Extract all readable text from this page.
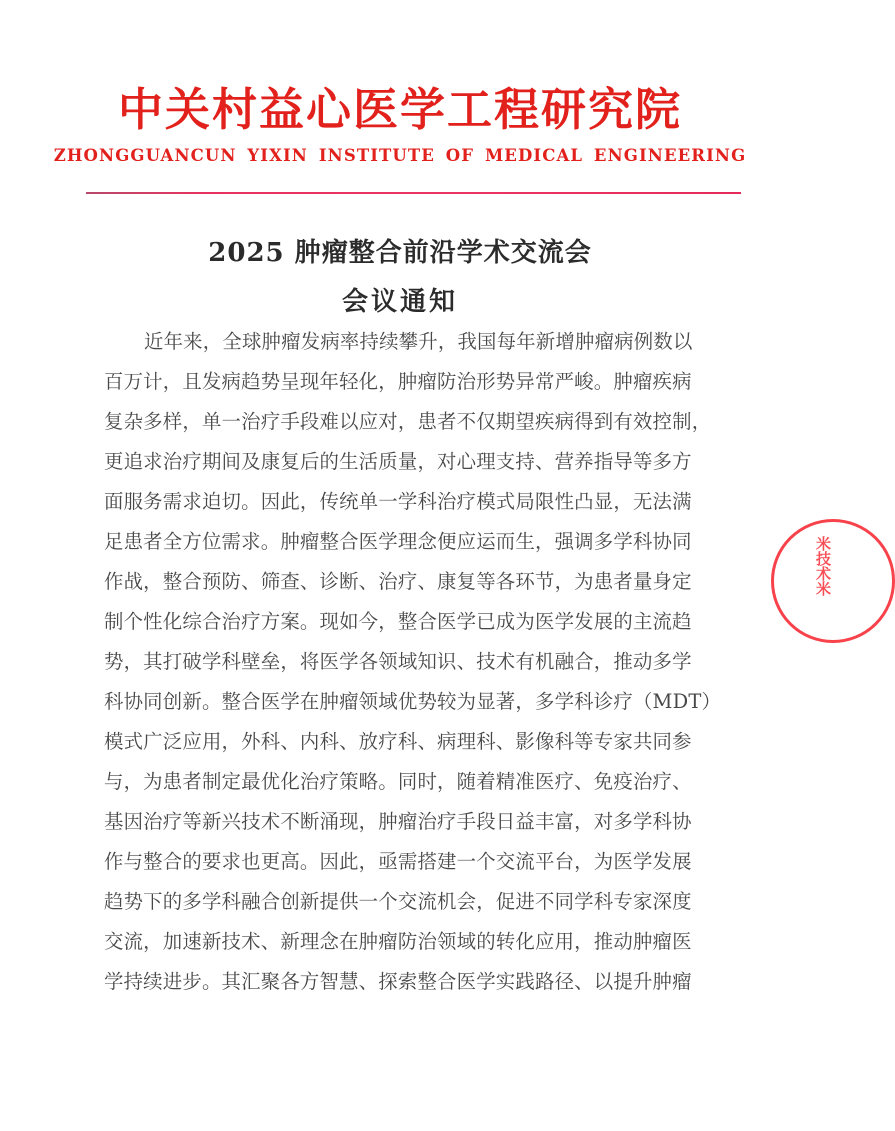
中关村益心医学工程研究院
ZHONGGUANCUN YIXIN INSTITUTE OF MEDICAL ENGINEERING
2025 肿瘤整合前沿学术交流会
会议通知
近年来，全球肿瘤发病率持续攀升，我国每年新增肿瘤病例数以
百万计，且发病趋势呈现年轻化，肿瘤防治形势异常严峻。肿瘤疾病
复杂多样，单一治疗手段难以应对，患者不仅期望疾病得到有效控制，
更追求治疗期间及康复后的生活质量，对心理支持、营养指导等多方
面服务需求迫切。因此，传统单一学科治疗模式局限性凸显，无法满
足患者全方位需求。肿瘤整合医学理念便应运而生，强调多学科协同
作战，整合预防、筛查、诊断、治疗、康复等各环节，为患者量身定
制个性化综合治疗方案。现如今，整合医学已成为医学发展的主流趋
势，其打破学科壁垒，将医学各领域知识、技术有机融合，推动多学
科协同创新。整合医学在肿瘤领域优势较为显著，多学科诊疗（MDT）
模式广泛应用，外科、内科、放疗科、病理科、影像科等专家共同参
与，为患者制定最优化治疗策略。同时，随着精准医疗、免疫治疗、
基因治疗等新兴技术不断涌现，肿瘤治疗手段日益丰富，对多学科协
作与整合的要求也更高。因此，亟需搭建一个交流平台，为医学发展
趋势下的多学科融合创新提供一个交流机会，促进不同学科专家深度
交流，加速新技术、新理念在肿瘤防治领域的转化应用，推动肿瘤医
学持续进步。其汇聚各方智慧、探索整合医学实践路径、以提升肿瘤
米技术米
